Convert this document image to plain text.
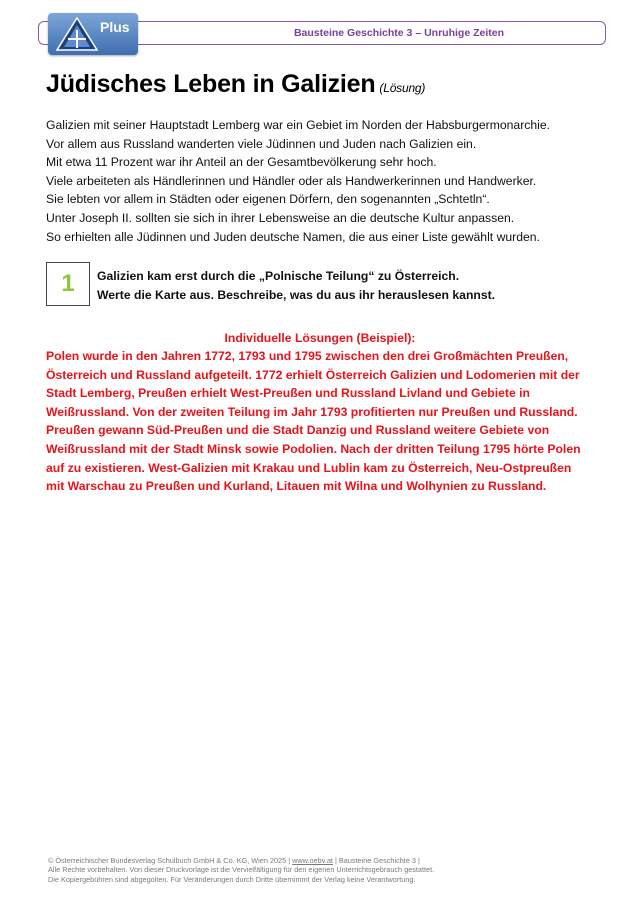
Bausteine Geschichte 3 – Unruhige Zeiten
Plus
Jüdisches Leben in Galizien (Lösung)
Galizien mit seiner Hauptstadt Lemberg war ein Gebiet im Norden der Habsburgermonarchie.
Vor allem aus Russland wanderten viele Jüdinnen und Juden nach Galizien ein.
Mit etwa 11 Prozent war ihr Anteil an der Gesamtbevölkerung sehr hoch.
Viele arbeiteten als Händlerinnen und Händler oder als Handwerkerinnen und Handwerker.
Sie lebten vor allem in Städten oder eigenen Dörfern, den sogenannten „Schtetln“.
Unter Joseph II. sollten sie sich in ihrer Lebensweise an die deutsche Kultur anpassen.
So erhielten alle Jüdinnen und Juden deutsche Namen, die aus einer Liste gewählt wurden.
1 Galizien kam erst durch die „Polnische Teilung“ zu Österreich.
Werte die Karte aus. Beschreibe, was du aus ihr herauslesen kannst.
Individuelle Lösungen (Beispiel):
Polen wurde in den Jahren 1772, 1793 und 1795 zwischen den drei Großmächten Preußen,
Österreich und Russland aufgeteilt. 1772 erhielt Österreich Galizien und Lodomerien mit der
Stadt Lemberg, Preußen erhielt West-Preußen und Russland Livland und Gebiete in
Weißrussland. Von der zweiten Teilung im Jahr 1793 profitierten nur Preußen und Russland.
Preußen gewann Süd-Preußen und die Stadt Danzig und Russland weitere Gebiete von
Weißrussland mit der Stadt Minsk sowie Podolien. Nach der dritten Teilung 1795 hörte Polen
auf zu existieren. West-Galizien mit Krakau und Lublin kam zu Österreich, Neu-Ostpreußen
mit Warschau zu Preußen und Kurland, Litauen mit Wilna und Wolhynien zu Russland.
© Österreichischer Bundesverlag Schulbuch GmbH & Co. KG, Wien 2025 | www.oebv.at | Bausteine Geschichte 3 |
Alle Rechte vorbehalten. Von dieser Druckvorlage ist die Vervielfältigung für den eigenen Unterrichtsgebrauch gestattet.
Die Kopiergebühren sind abgegolten. Für Veränderungen durch Dritte übernimmt der Verlag keine Verantwortung.
